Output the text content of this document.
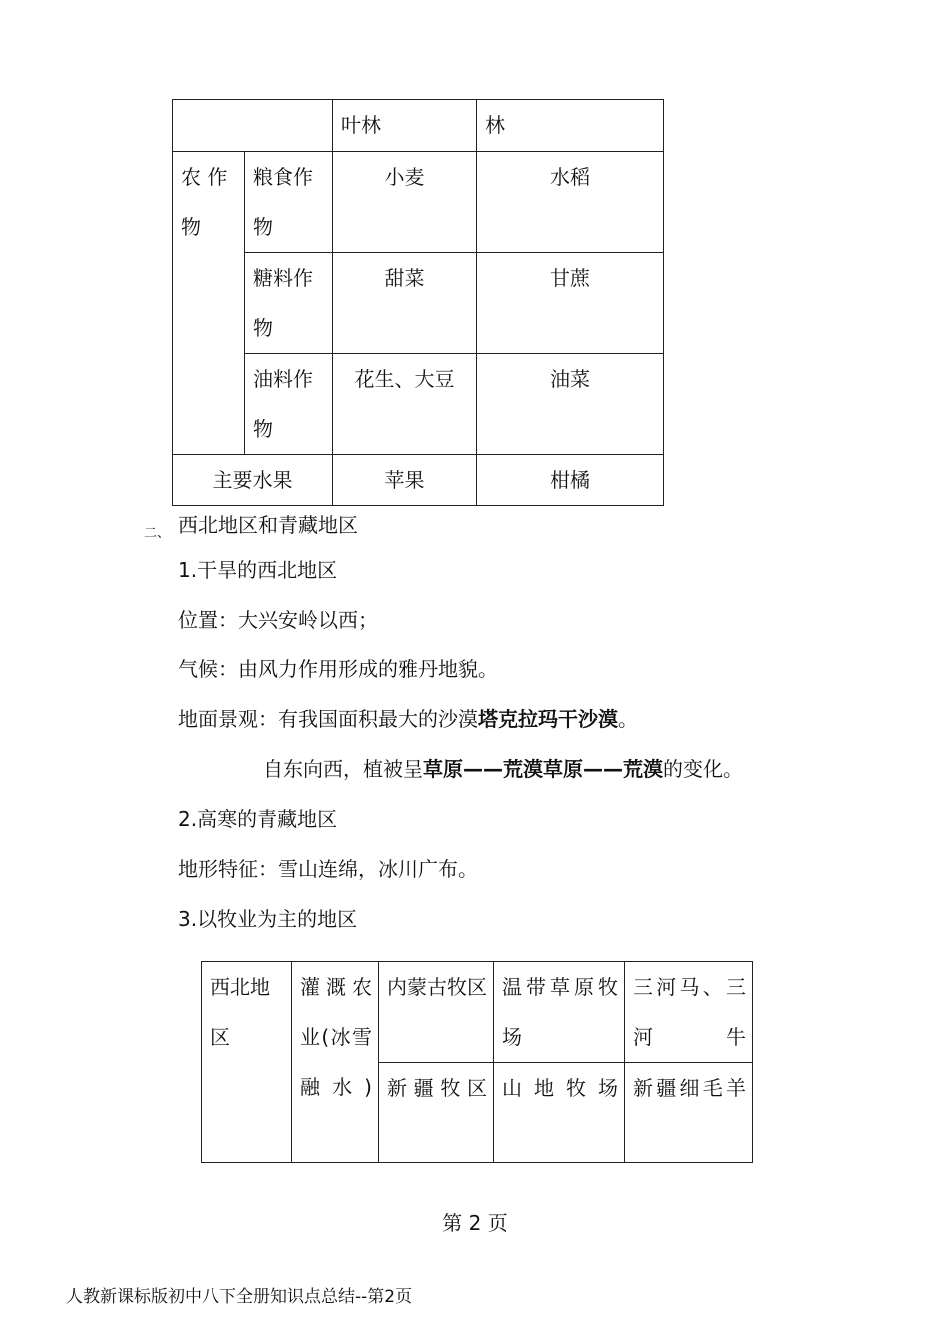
		叶林	林
农 作 物	粮食作物	小麦	水稻
	糖料作物	甜菜	甘蔗
	油料作物	花生、大豆	油菜
主要水果		苹果	柑橘
二、 西北地区和青藏地区
1.干旱的西北地区
位置：大兴安岭以西；
气候：由风力作用形成的雅丹地貌。
地面景观：有我国面积最大的沙漠塔克拉玛干沙漠。
自东向西，植被呈草原——荒漠草原——荒漠的变化。
2.高寒的青藏地区
地形特征：雪山连绵，冰川广布。
3.以牧业为主的地区
西北地区	灌溉农业(冰雪融水)	内蒙古牧区	温带草原牧场	三河马、三河牛
		新疆牧区	山地牧场	新疆细毛羊
第 2 页
人教新课标版初中八下全册知识点总结--第2页
